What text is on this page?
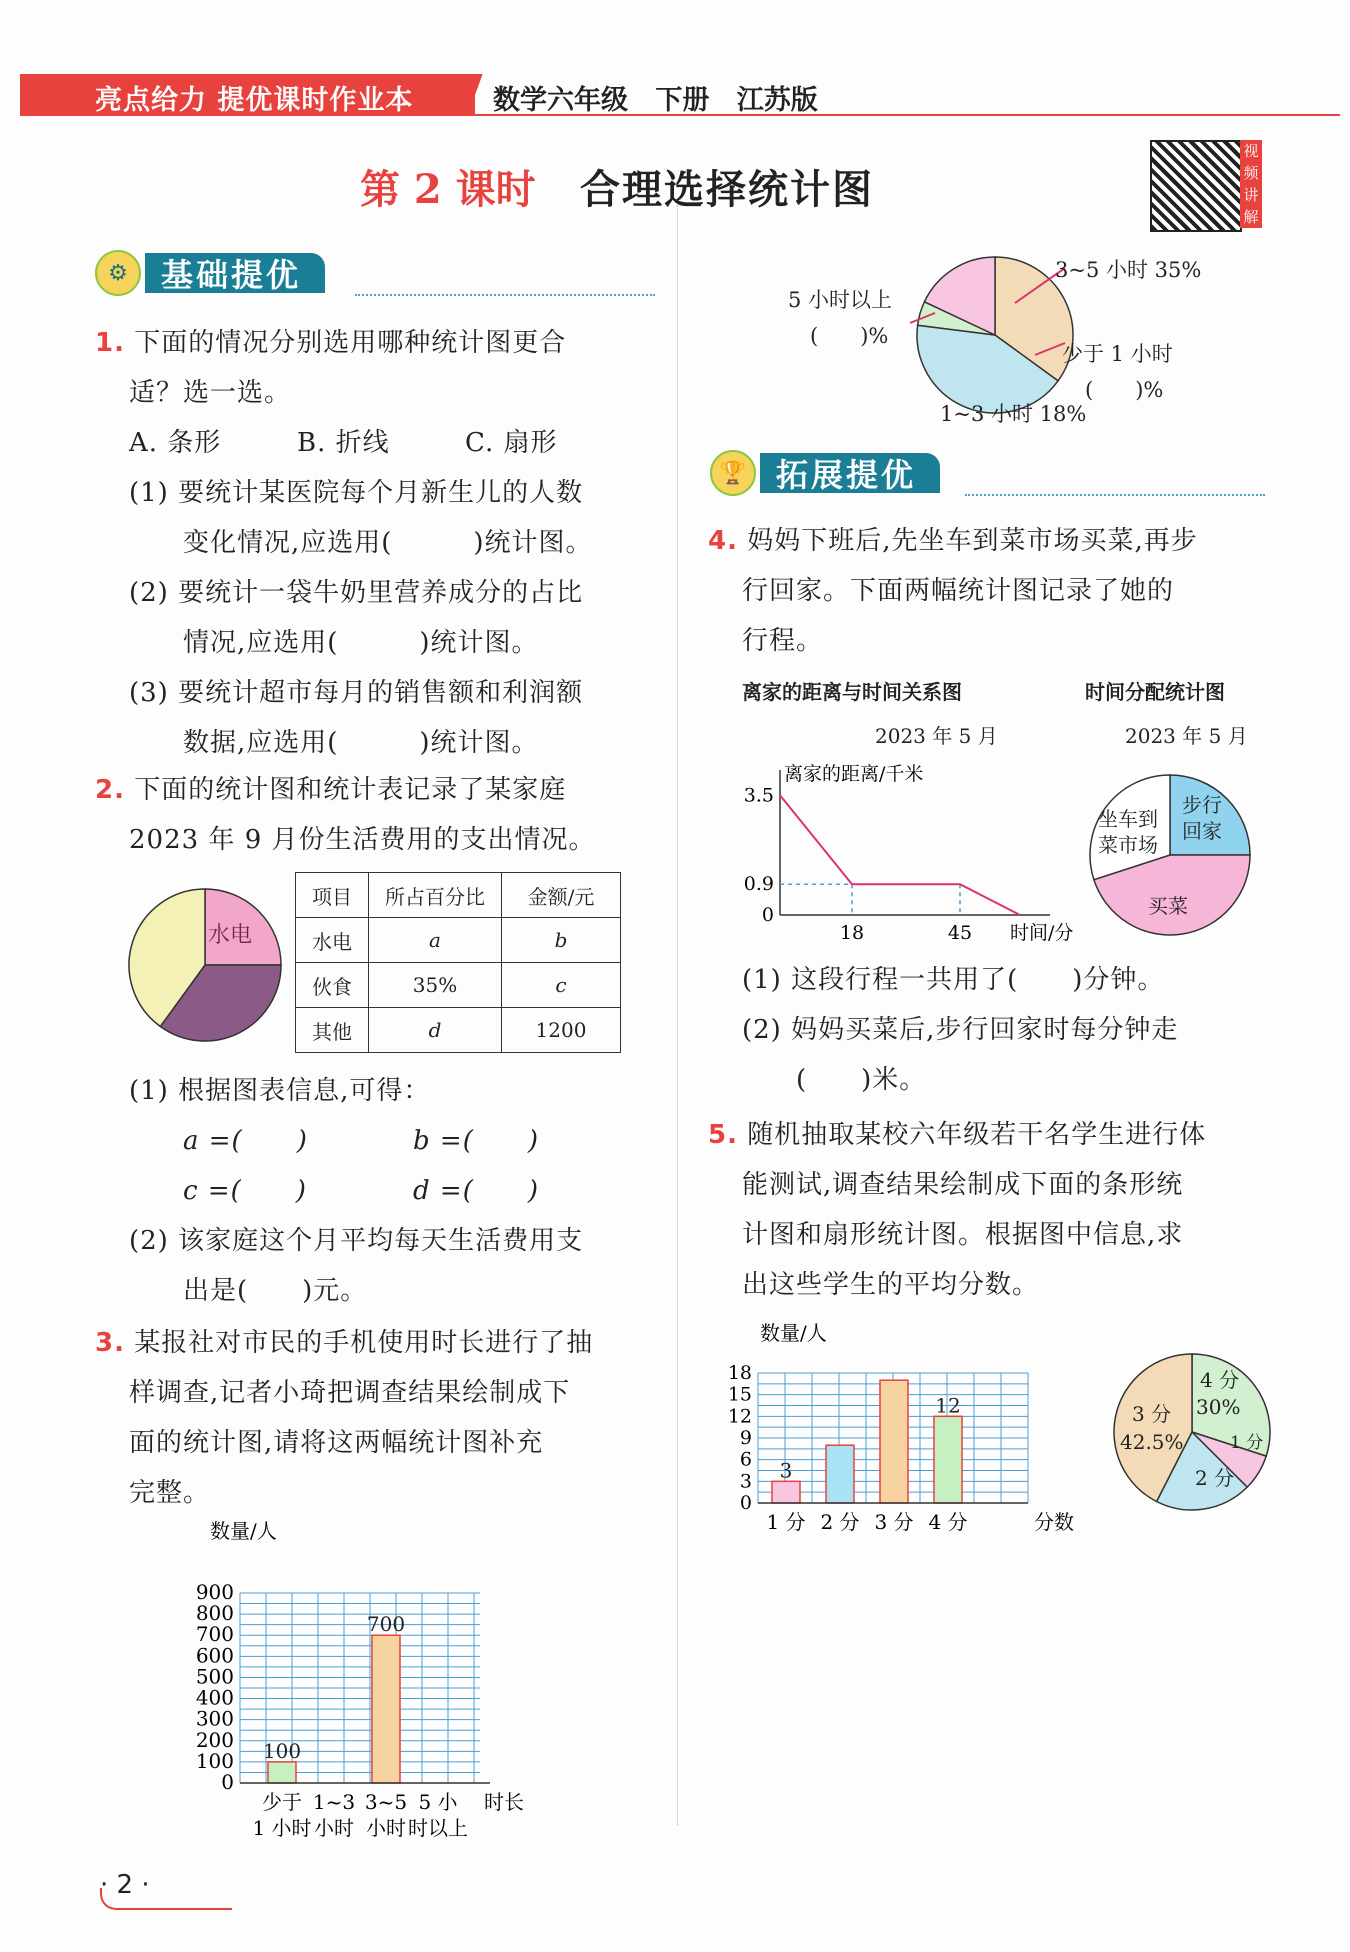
亮点给力 提优课时作业本	数学六年级 下册 江苏版
第 2 课时 合理选择统计图
视频讲解
⚙	基础提优
1. 下面的情况分别选用哪种统计图更合
适？选一选。
A. 条形	B. 折线	C. 扇形
(1) 要统计某医院每个月新生儿的人数
变化情况,应选用(　　　)统计图。
(2) 要统计一袋牛奶里营养成分的占比
情况,应选用(　　　)统计图。
(3) 要统计超市每月的销售额和利润额
数据,应选用(　　　)统计图。
2. 下面的统计图和统计表记录了某家庭
2023 年 9 月份生活费用的支出情况。
水电
项目	所占百分比	金额/元
水电	a	b
伙食	35%	c
其他	d	1200
(1) 根据图表信息,可得：
a =(　　)	b =(　　)
c =(　　)	d =(　　)
(2) 该家庭这个月平均每天生活费用支
出是(　　)元。
3. 某报社对市民的手机使用时长进行了抽
样调查,记者小琦把调查结果绘制成下
面的统计图,请将这两幅统计图补充
完整。
0
100
200
300
400
500
600
700
800
900
数量/人
100
700
少于 1~3 3~5 5 小
1 小时 小时 小时 时以上
时长
· 2 ·
3~5 小时 35%
5 小时以上
(　　)%
少于 1 小时
(　　)%
1~3 小时 18%
🏆 拓展提优
4. 妈妈下班后,先坐车到菜市场买菜,再步
行回家。下面两幅统计图记录了她的
行程。
离家的距离与时间关系图
2023 年 5 月
时间分配统计图
2023 年 5 月
离家的距离/千米
时间/分
0
0.9
3.5
18	45
坐车到
菜市场
步行
回家
买菜
(1) 这段行程一共用了(　　)分钟。
(2) 妈妈买菜后,步行回家时每分钟走
(　　)米。
5. 随机抽取某校六年级若干名学生进行体
能测试,调查结果绘制成下面的条形统
计图和扇形统计图。根据图中信息,求
出这些学生的平均分数。
0
3
6
9
12
15
18
数量/人
3
12
1 分 2 分 3 分 4 分	分数
4 分
30%
3 分
42.5%	1 分
2 分
